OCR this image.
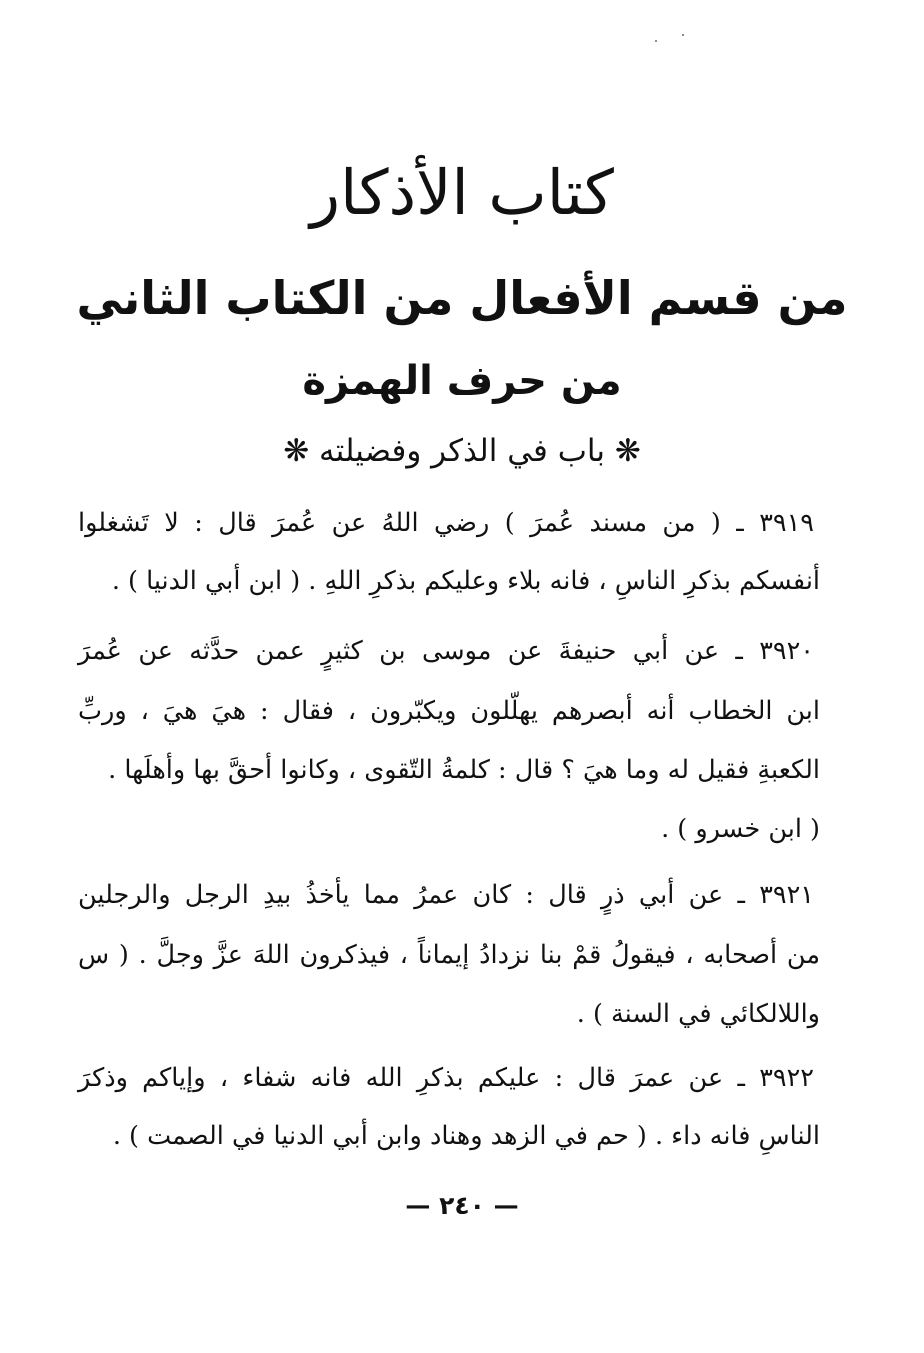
كتاب الأذكار
من قسم الأفعال من الكتاب الثاني
من حرف الهمزة
❋ باب في الذكر وفضيلته ❋
٣٩١٩ ـ ( من مسند عُمرَ ) رضي اللهُ عن عُمرَ قال : لا تَشغلوا
أنفسكم بذكرِ الناسِ ، فانه بلاء وعليكم بذكرِ اللهِ . ( ابن أبي الدنيا ) .
٣٩٢٠ ـ عن أبي حنيفةَ عن موسى بن كثيرٍ عمن حدَّثه عن عُمرَ
ابن الخطاب أنه أبصرهم يهلّلون ويكبّرون ، فقال : هيَ هيَ ، وربِّ
الكعبةِ فقيل له وما هيَ ؟ قال : كلمةُ التّقوى ، وكانوا أحقَّ بها وأهلَها .
( ابن خسرو ) .
٣٩٢١ ـ عن أبي ذرٍ قال : كان عمرُ مما يأخذُ بيدِ الرجل والرجلين
من أصحابه ، فيقولُ قمْ بنا نزدادُ إيماناً ، فيذكرون اللهَ عزَّ وجلَّ . ( س
واللالكائي في السنة ) .
٣٩٢٢ ـ عن عمرَ قال : عليكم بذكرِ الله فانه شفاء ، وإياكم وذكرَ
الناسِ فانه داء . ( حم في الزهد وهناد وابن أبي الدنيا في الصمت ) .
— ٢٤٠ —
